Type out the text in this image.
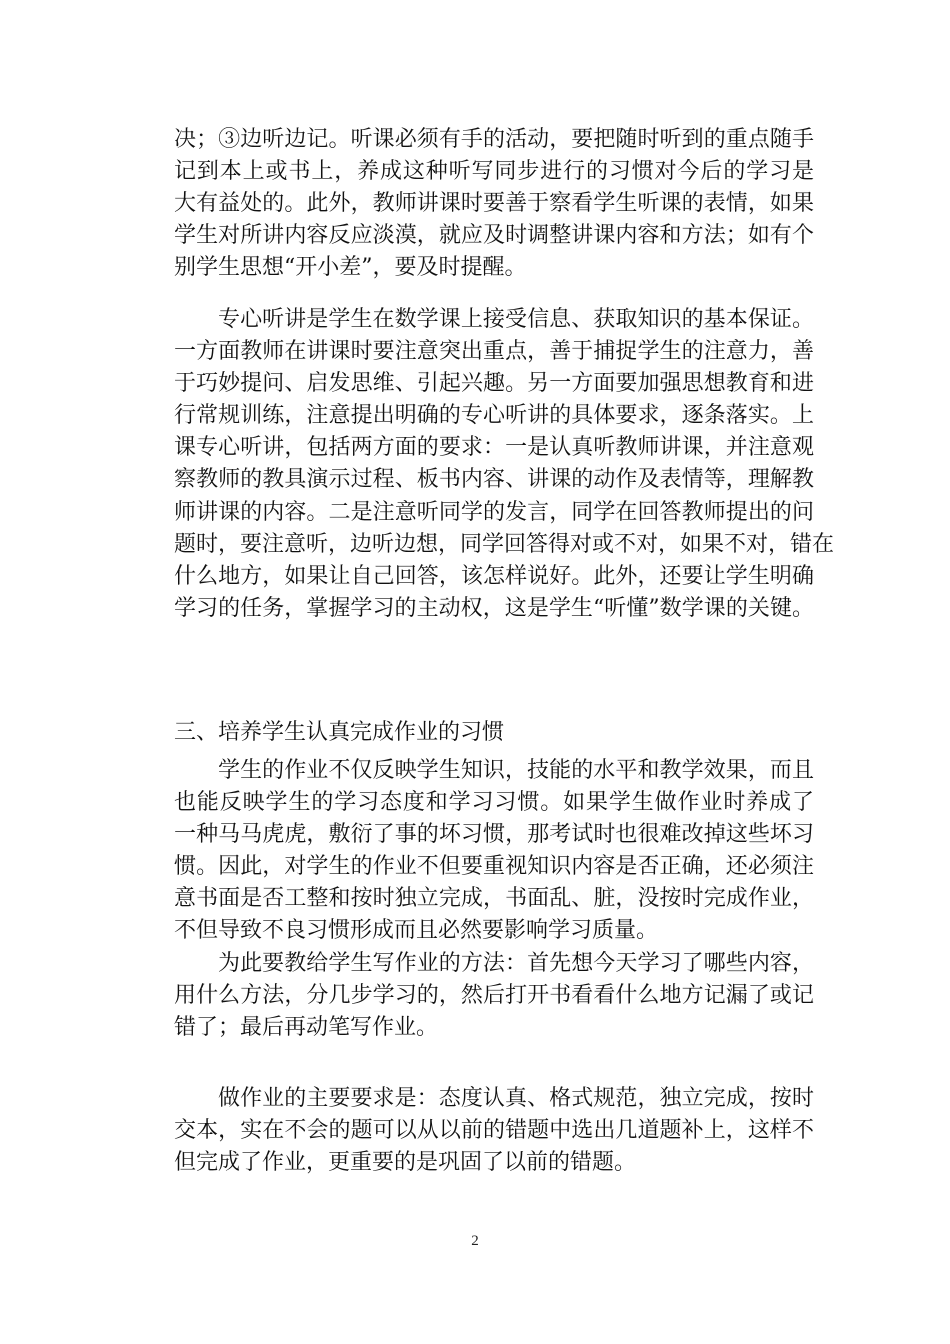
决；③边听边记。听课必须有手的活动，要把随时听到的重点随手
记到本上或书上，养成这种听写同步进行的习惯对今后的学习是
大有益处的。此外，教师讲课时要善于察看学生听课的表情，如果
学生对所讲内容反应淡漠，就应及时调整讲课内容和方法；如有个
别学生思想“开小差”，要及时提醒。
专心听讲是学生在数学课上接受信息、获取知识的基本保证。
一方面教师在讲课时要注意突出重点，善于捕捉学生的注意力，善
于巧妙提问、启发思维、引起兴趣。另一方面要加强思想教育和进
行常规训练，注意提出明确的专心听讲的具体要求，逐条落实。上
课专心听讲，包括两方面的要求：一是认真听教师讲课，并注意观
察教师的教具演示过程、板书内容、讲课的动作及表情等，理解教
师讲课的内容。二是注意听同学的发言，同学在回答教师提出的问
题时，要注意听，边听边想，同学回答得对或不对，如果不对，错在
什么地方，如果让自己回答，该怎样说好。此外，还要让学生明确
学习的任务，掌握学习的主动权，这是学生“听懂”数学课的关键。
三、培养学生认真完成作业的习惯
学生的作业不仅反映学生知识，技能的水平和教学效果，而且
也能反映学生的学习态度和学习习惯。如果学生做作业时养成了
一种马马虎虎，敷衍了事的坏习惯，那考试时也很难改掉这些坏习
惯。因此，对学生的作业不但要重视知识内容是否正确，还必须注
意书面是否工整和按时独立完成，书面乱、脏，没按时完成作业，
不但导致不良习惯形成而且必然要影响学习质量。
为此要教给学生写作业的方法：首先想今天学习了哪些内容，
用什么方法，分几步学习的，然后打开书看看什么地方记漏了或记
错了；最后再动笔写作业。
做作业的主要要求是：态度认真、格式规范，独立完成，按时
交本，实在不会的题可以从以前的错题中选出几道题补上，这样不
但完成了作业，更重要的是巩固了以前的错题。
2
